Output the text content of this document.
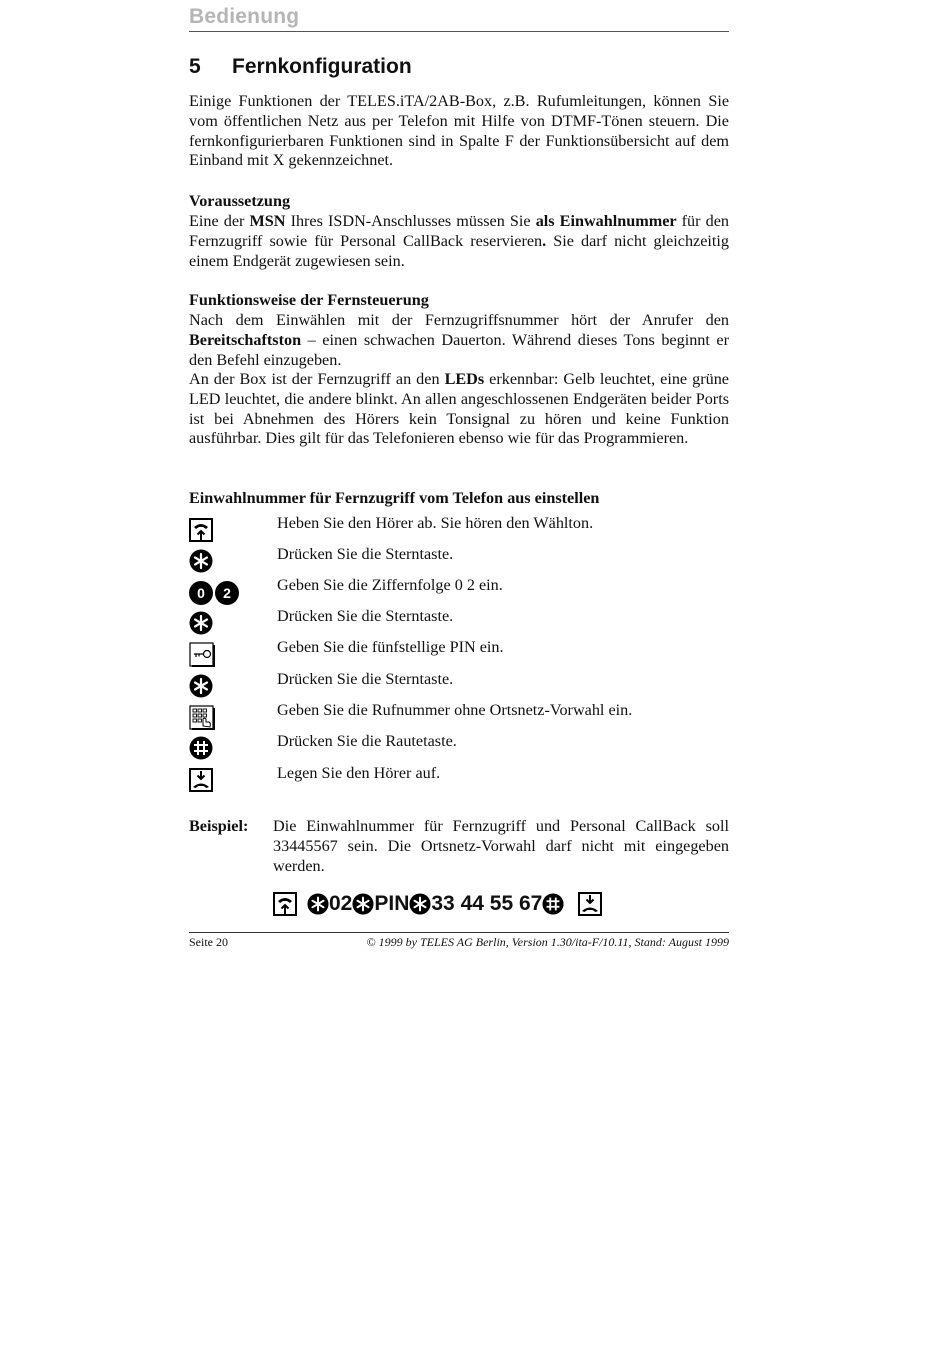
Bedienung
5 Fernkonfiguration

Einige Funktionen der TELES.iTA/2AB-Box, z.B. Rufumleitungen, können Sie vom öffentlichen Netz aus per Telefon mit Hilfe von DTMF-Tönen steuern. Die fernkonfigurierbaren Funktionen sind in Spalte F der Funktionsübersicht auf dem Einband mit X gekennzeichnet.

Voraussetzung

Eine der MSN Ihres ISDN-Anschlusses müssen Sie als Einwahlnummer für den Fernzugriff sowie für Personal CallBack reservieren. Sie darf nicht gleichzeitig einem Endgerät zugewiesen sein.

Funktionsweise der Fernsteuerung

Nach dem Einwählen mit der Fernzugriffsnummer hört der Anrufer den Bereitschaftston – einen schwachen Dauerton. Während dieses Tons beginnt er den Befehl einzugeben.

An der Box ist der Fernzugriff an den LEDs erkennbar: Gelb leuchtet, eine grüne LED leuchtet, die andere blinkt. An allen angeschlossenen Endgeräten beider Ports ist bei Abnehmen des Hörers kein Tonsignal zu hören und keine Funktion ausführbar. Dies gilt für das Telefonieren ebenso wie für das Programmieren.

Einwahlnummer für Fernzugriff vom Telefon aus einstellen

Heben Sie den Hörer ab. Sie hören den Wählton.
Drücken Sie die Sterntaste.
0 2	Geben Sie die Ziffernfolge 0 2 ein.
Drücken Sie die Sterntaste.
Geben Sie die fünfstellige PIN ein.
Drücken Sie die Sterntaste.
Geben Sie die Rufnummer ohne Ortsnetz-Vorwahl ein.
Drücken Sie die Rautetaste.
Legen Sie den Hörer auf.
Beispiel: Die Einwahlnummer für Fernzugriff und Personal CallBack soll 33445567 sein. Die Ortsnetz-Vorwahl darf nicht mit eingegeben werden.

02 PIN 33 44 55 67
Seite 20	© 1999 by TELES AG Berlin, Version 1.30/ita-F/10.11, Stand: August 1999
